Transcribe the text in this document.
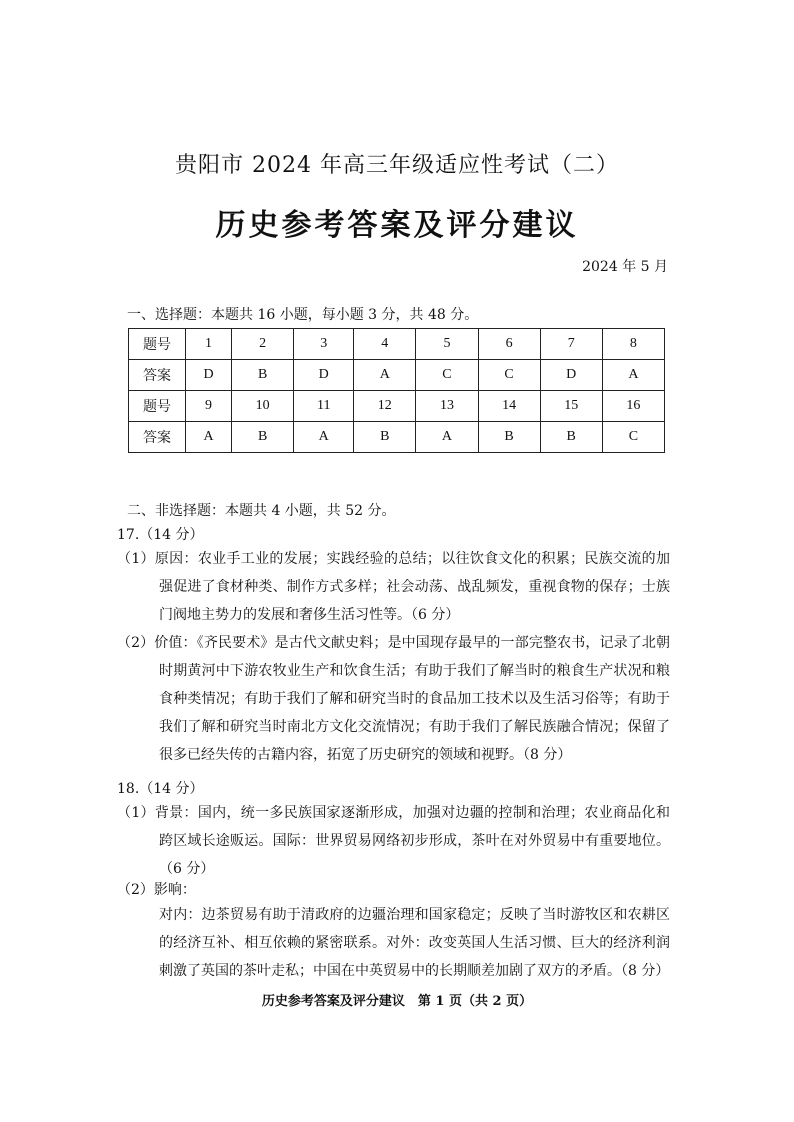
贵阳市 2024 年高三年级适应性考试（二）
历史参考答案及评分建议
2024 年 5 月
一、选择题：本题共 16 小题，每小题 3 分，共 48 分。
题号	1	2	3	4	5	6	7	8
答案	D	B	D	A	C	C	D	A
题号	9	10	11	12	13	14	15	16
答案	A	B	A	B	A	B	B	C
二、非选择题：本题共 4 小题，共 52 分。
17.（14 分）

（1）原因：农业手工业的发展；实践经验的总结；以往饮食文化的积累；民族交流的加强促进了食材种类、制作方式多样；社会动荡、战乱频发，重视食物的保存；士族门阀地主势力的发展和奢侈生活习性等。（6 分）

（2）价值：《齐民要术》是古代文献史料；是中国现存最早的一部完整农书，记录了北朝时期黄河中下游农牧业生产和饮食生活；有助于我们了解当时的粮食生产状况和粮食种类情况；有助于我们了解和研究当时的食品加工技术以及生活习俗等；有助于我们了解和研究当时南北方文化交流情况；有助于我们了解民族融合情况；保留了很多已经失传的古籍内容，拓宽了历史研究的领域和视野。（8 分）

18.（14 分）

（1）背景：国内，统一多民族国家逐渐形成，加强对边疆的控制和治理；农业商品化和跨区域长途贩运。国际：世界贸易网络初步形成，茶叶在对外贸易中有重要地位。（6 分）

（2）影响：

对内：边茶贸易有助于清政府的边疆治理和国家稳定；反映了当时游牧区和农耕区的经济互补、相互依赖的紧密联系。对外：改变英国人生活习惯、巨大的经济利润刺激了英国的茶叶走私；中国在中英贸易中的长期顺差加剧了双方的矛盾。（8 分）

历史参考答案及评分建议　第 1 页（共 2 页）
